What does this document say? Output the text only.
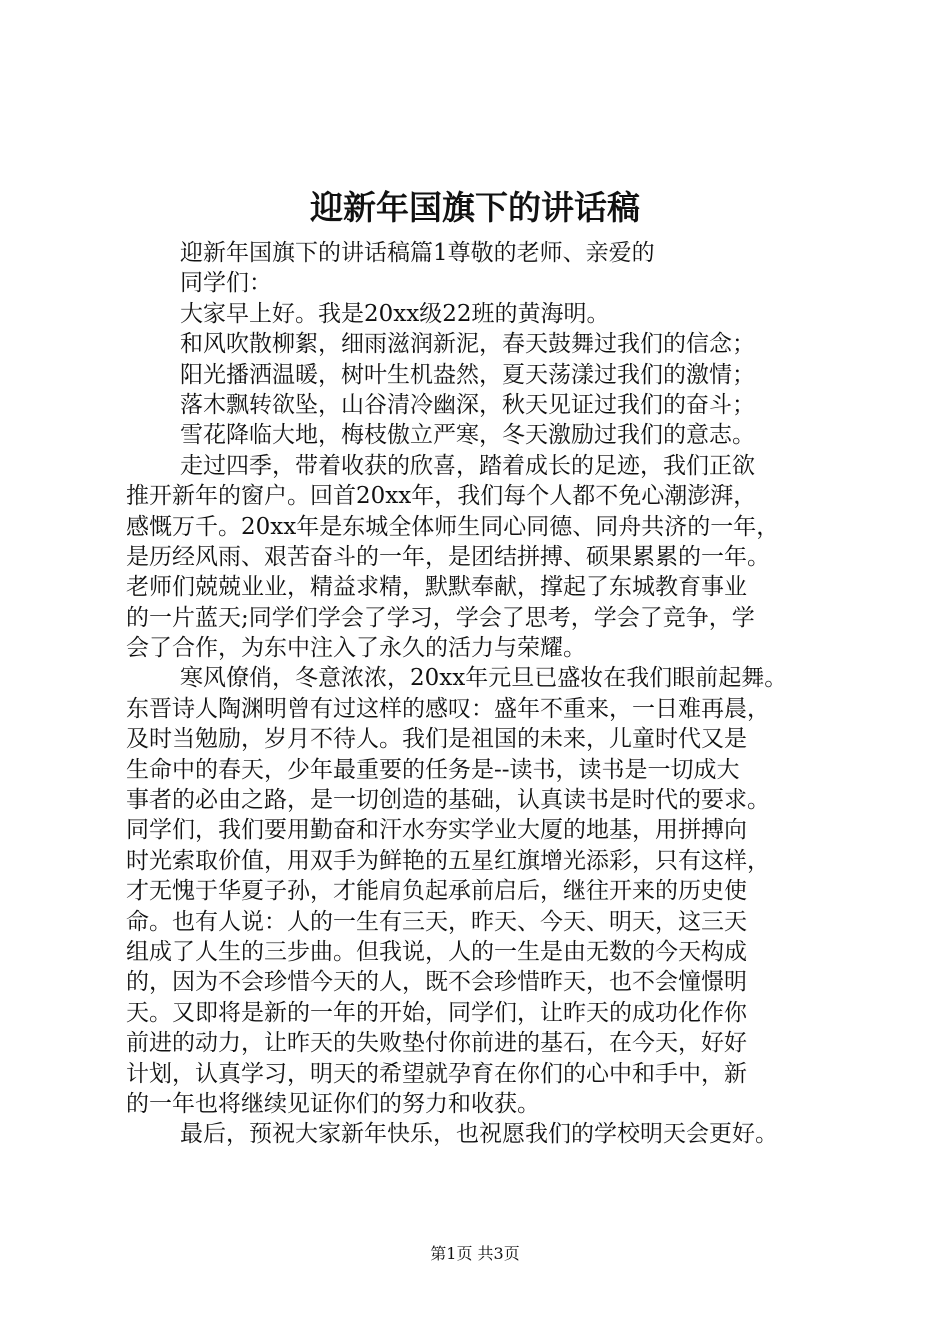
迎新年国旗下的讲话稿
迎新年国旗下的讲话稿篇1尊敬的老师、亲爱的
同学们：
大家早上好。我是20xx级22班的黄海明。
和风吹散柳絮，细雨滋润新泥，春天鼓舞过我们的信念；
阳光播洒温暖，树叶生机盎然，夏天荡漾过我们的激情；
落木飘转欲坠，山谷清冷幽深，秋天见证过我们的奋斗；
雪花降临大地，梅枝傲立严寒，冬天激励过我们的意志。
走过四季，带着收获的欣喜，踏着成长的足迹，我们正欲
推开新年的窗户。回首20xx年，我们每个人都不免心潮澎湃，
感慨万千。20xx年是东城全体师生同心同德、同舟共济的一年，
是历经风雨、艰苦奋斗的一年，是团结拼搏、硕果累累的一年。
老师们兢兢业业，精益求精，默默奉献，撑起了东城教育事业
的一片蓝天;同学们学会了学习，学会了思考，学会了竞争，学
会了合作，为东中注入了永久的活力与荣耀。
寒风僚俏，冬意浓浓，20xx年元旦已盛妆在我们眼前起舞。
东晋诗人陶渊明曾有过这样的感叹：盛年不重来，一日难再晨，
及时当勉励，岁月不待人。我们是祖国的未来，儿童时代又是
生命中的春天，少年最重要的任务是--读书，读书是一切成大
事者的必由之路，是一切创造的基础，认真读书是时代的要求。
同学们，我们要用勤奋和汗水夯实学业大厦的地基，用拼搏向
时光索取价值，用双手为鲜艳的五星红旗增光添彩，只有这样，
才无愧于华夏子孙，才能肩负起承前启后，继往开来的历史使
命。也有人说：人的一生有三天，昨天、今天、明天，这三天
组成了人生的三步曲。但我说，人的一生是由无数的今天构成
的，因为不会珍惜今天的人，既不会珍惜昨天，也不会憧憬明
天。又即将是新的一年的开始，同学们，让昨天的成功化作你
前进的动力，让昨天的失败垫付你前进的基石，在今天，好好
计划，认真学习，明天的希望就孕育在你们的心中和手中，新
的一年也将继续见证你们的努力和收获。
最后，预祝大家新年快乐，也祝愿我们的学校明天会更好。
第1页 共3页
